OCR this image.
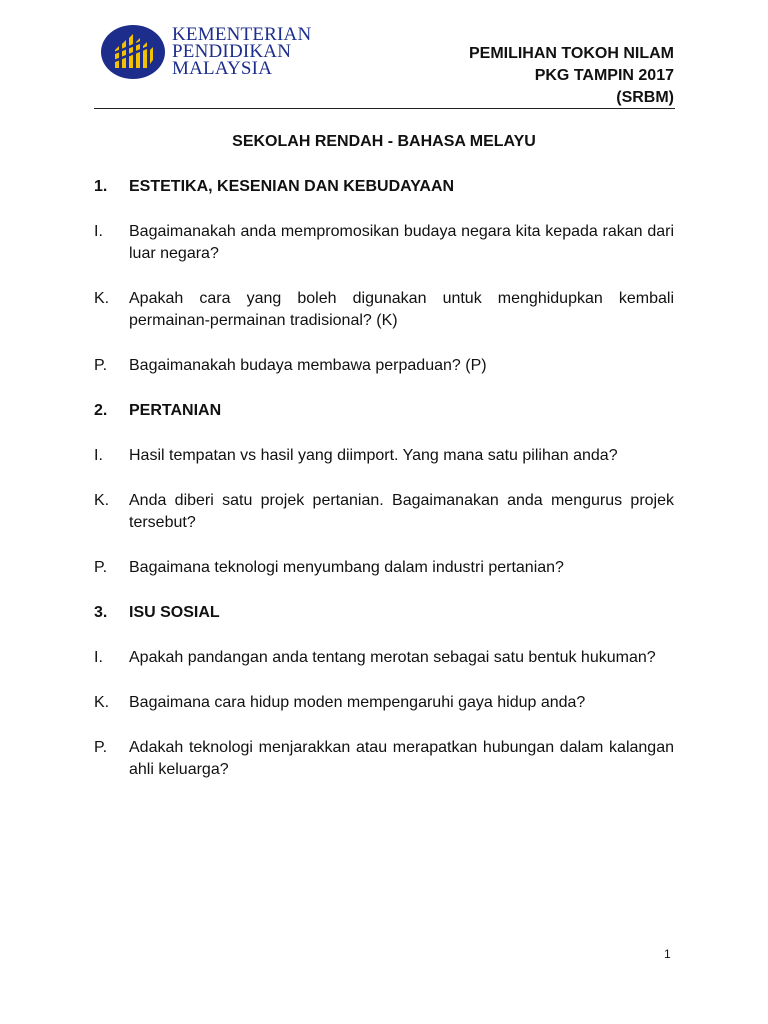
KEMENTERIAN
PENDIDIKAN
MALAYSIA
PEMILIHAN TOKOH NILAM
PKG TAMPIN 2017
(SRBM)
SEKOLAH RENDAH - BAHASA MELAYU
1.	ESTETIKA, KESENIAN DAN KEBUDAYAAN
I.	Bagaimanakah anda mempromosikan budaya negara kita kepada rakan dari luar negara?
K.	Apakah cara yang boleh digunakan untuk menghidupkan kembali permainan-permainan tradisional? (K)
P.	Bagaimanakah budaya membawa perpaduan? (P)
2.	PERTANIAN
I.	Hasil tempatan vs hasil yang diimport. Yang mana satu pilihan anda?
K.	Anda diberi satu projek pertanian. Bagaimanakan anda mengurus projek tersebut?
P.	Bagaimana teknologi menyumbang dalam industri pertanian?
3.	ISU SOSIAL
I.	Apakah pandangan anda tentang merotan sebagai satu bentuk hukuman?
K.	Bagaimana cara hidup moden mempengaruhi gaya hidup anda?
P.	Adakah teknologi menjarakkan atau merapatkan hubungan dalam kalangan ahli keluarga?
1
